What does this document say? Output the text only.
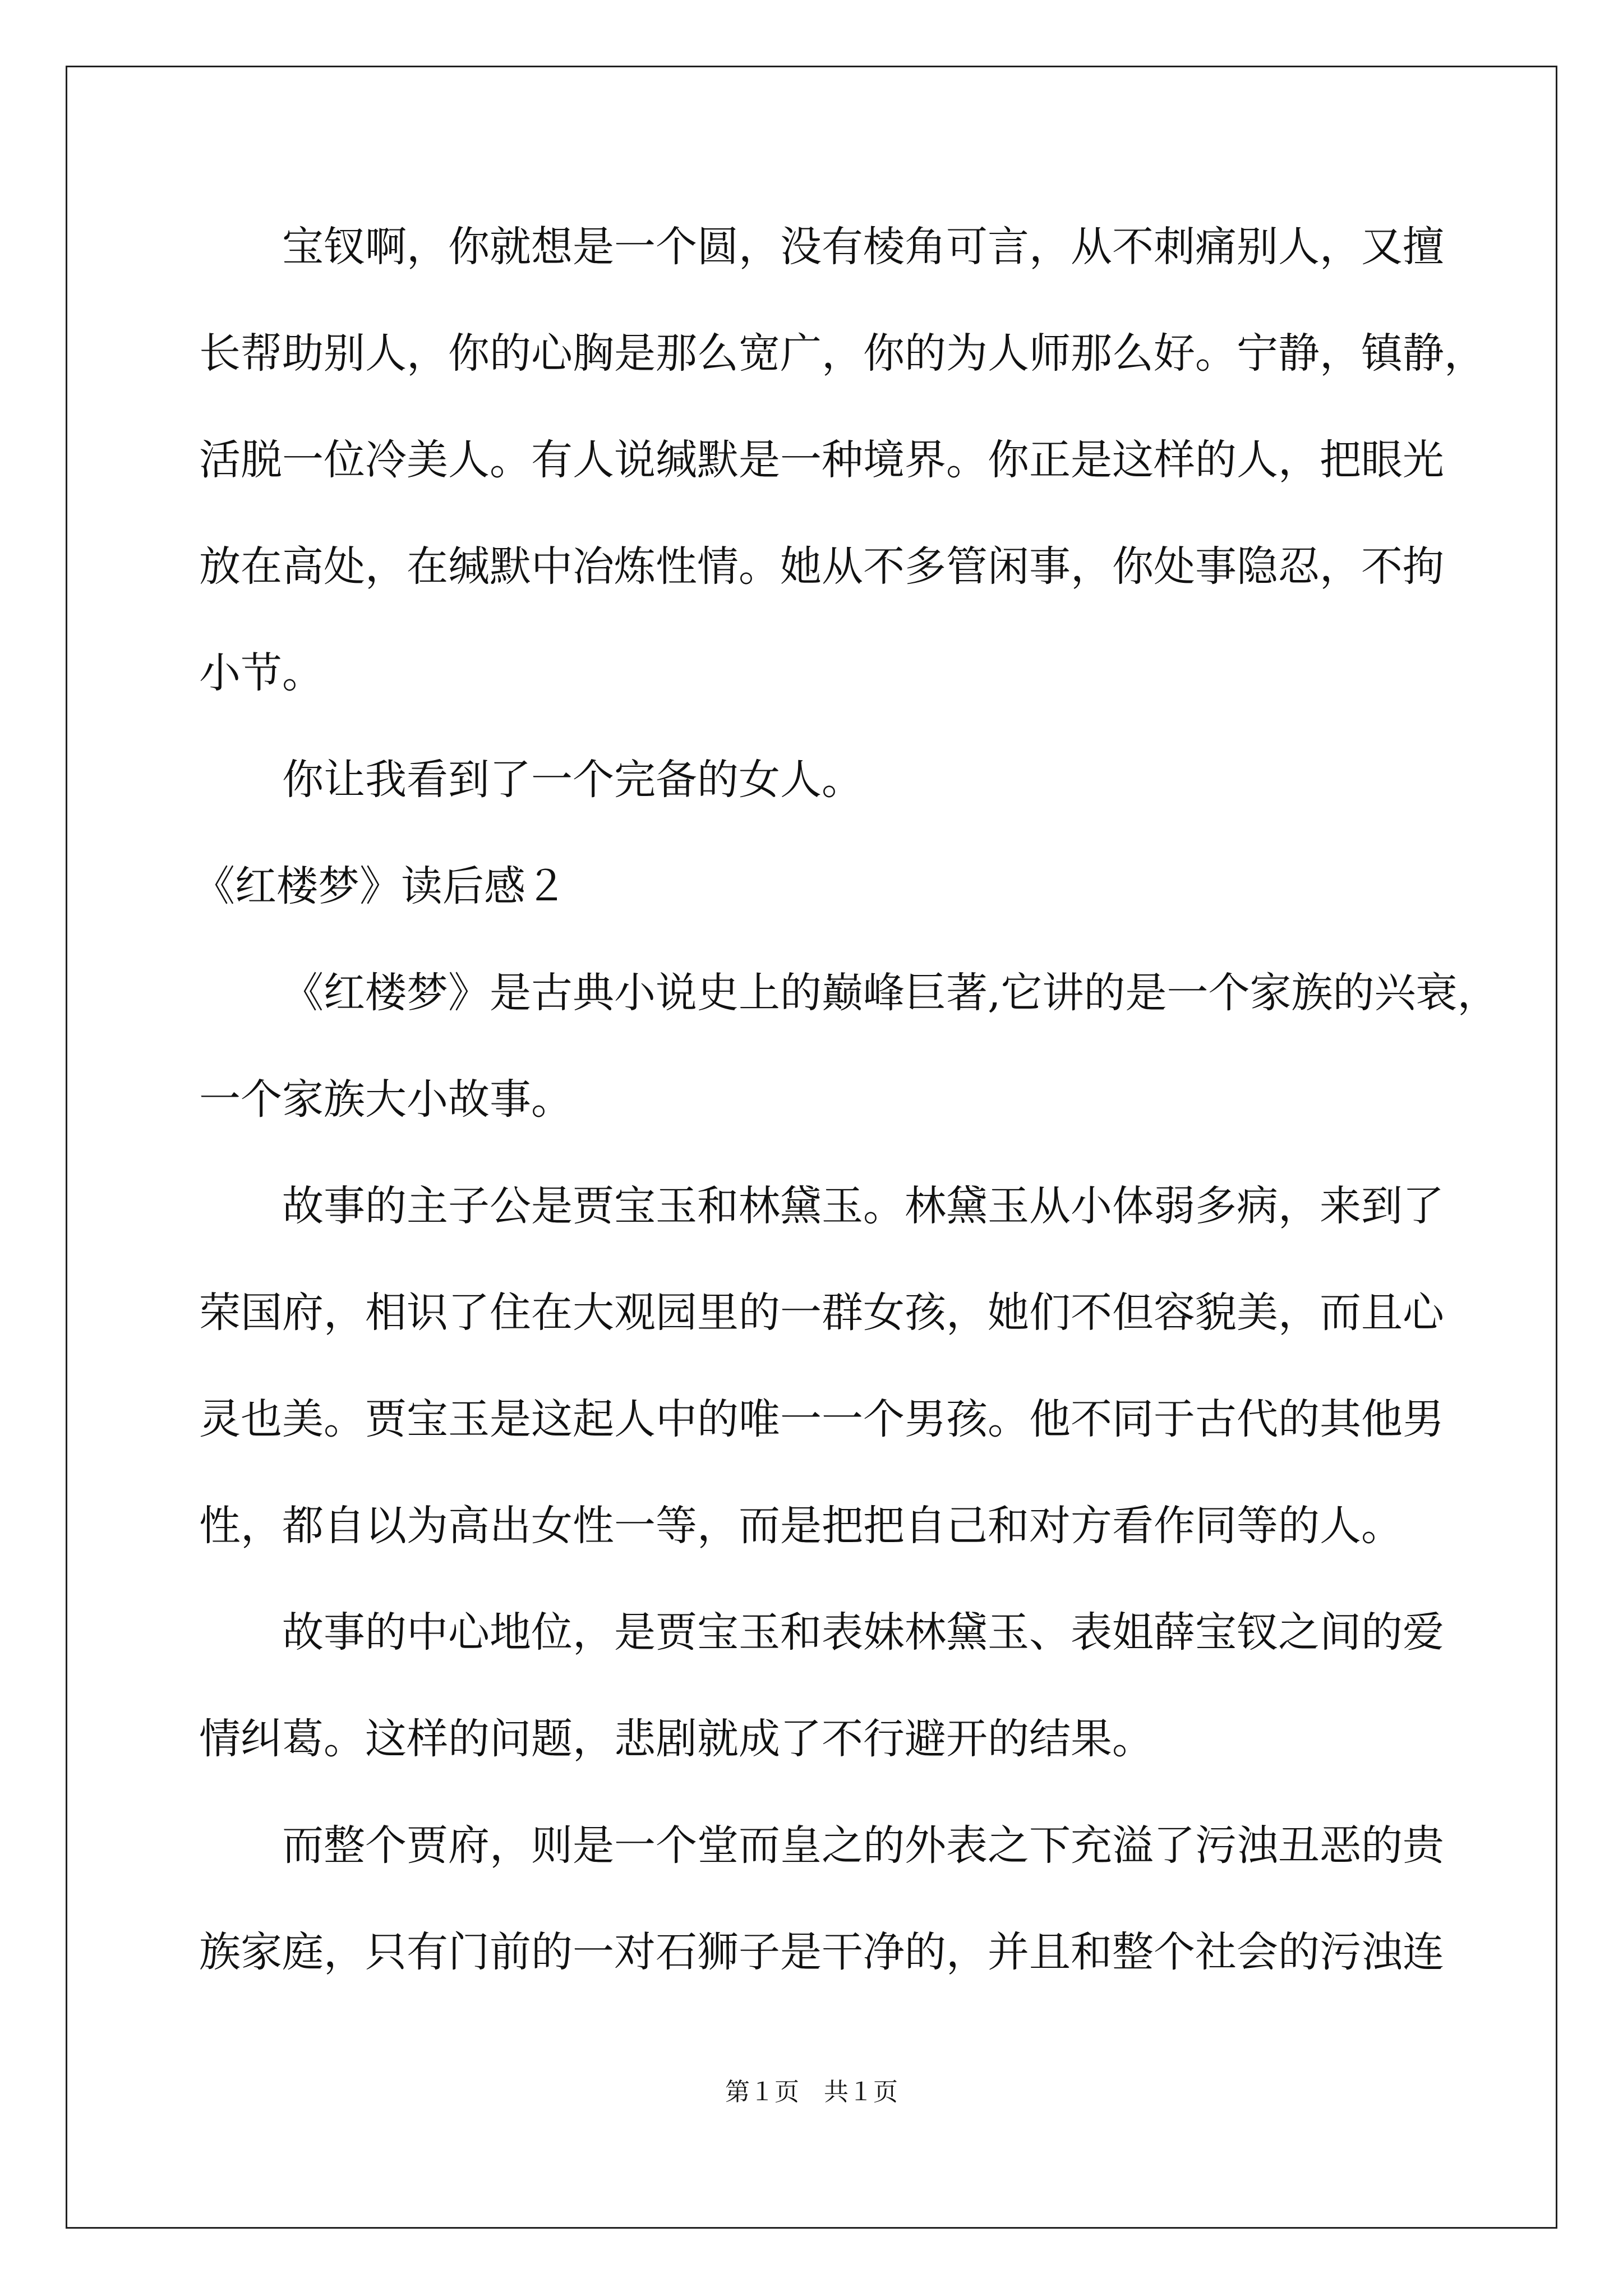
宝钗啊，你就想是一个圆，没有棱角可言，从不刺痛别人，又擅
长帮助别人，你的心胸是那么宽广，你的为人师那么好。宁静，镇静，
活脱一位冷美人。有人说缄默是一种境界。你正是这样的人，把眼光
放在高处，在缄默中冶炼性情。她从不多管闲事，你处事隐忍，不拘
小节。
你让我看到了一个完备的女人。
《红楼梦》读后感２
《红楼梦》是古典小说史上的巅峰巨著,它讲的是一个家族的兴衰，
一个家族大小故事。
故事的主子公是贾宝玉和林黛玉。林黛玉从小体弱多病，来到了
荣国府，相识了住在大观园里的一群女孩，她们不但容貌美，而且心
灵也美。贾宝玉是这起人中的唯一一个男孩。他不同于古代的其他男
性，都自以为高出女性一等，而是把把自己和对方看作同等的人。
故事的中心地位，是贾宝玉和表妹林黛玉、表姐薛宝钗之间的爱
情纠葛。这样的问题，悲剧就成了不行避开的结果。
而整个贾府，则是一个堂而皇之的外表之下充溢了污浊丑恶的贵
族家庭，只有门前的一对石狮子是干净的，并且和整个社会的污浊连
第１页　共１页
